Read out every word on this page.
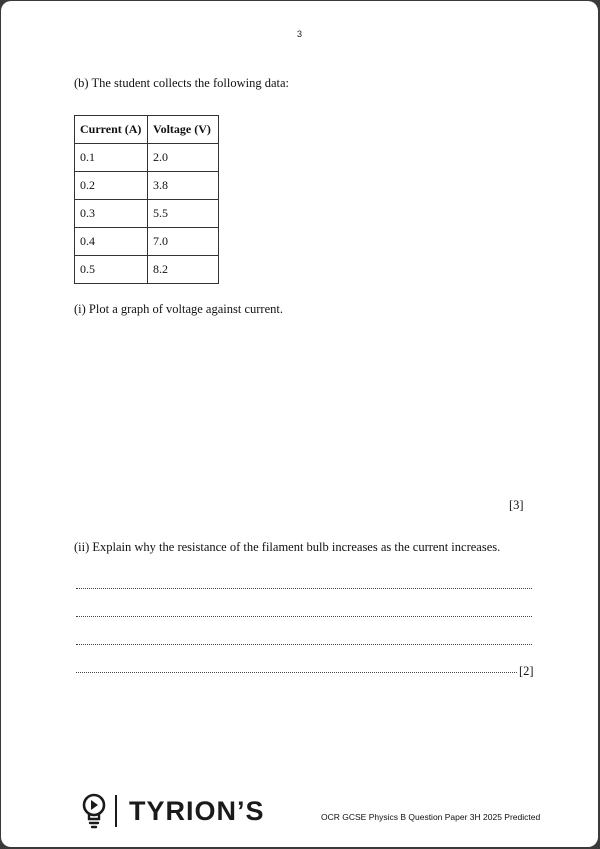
3
(b) The student collects the following data:
Current (A)	Voltage (V)
0.1	2.0
0.2	3.8
0.3	5.5
0.4	7.0
0.5	8.2
(i) Plot a graph of voltage against current.
[3]
(ii) Explain why the resistance of the filament bulb increases as the current increases.
[2]
TYRION’S	OCR GCSE Physics B Question Paper 3H 2025 Predicted
